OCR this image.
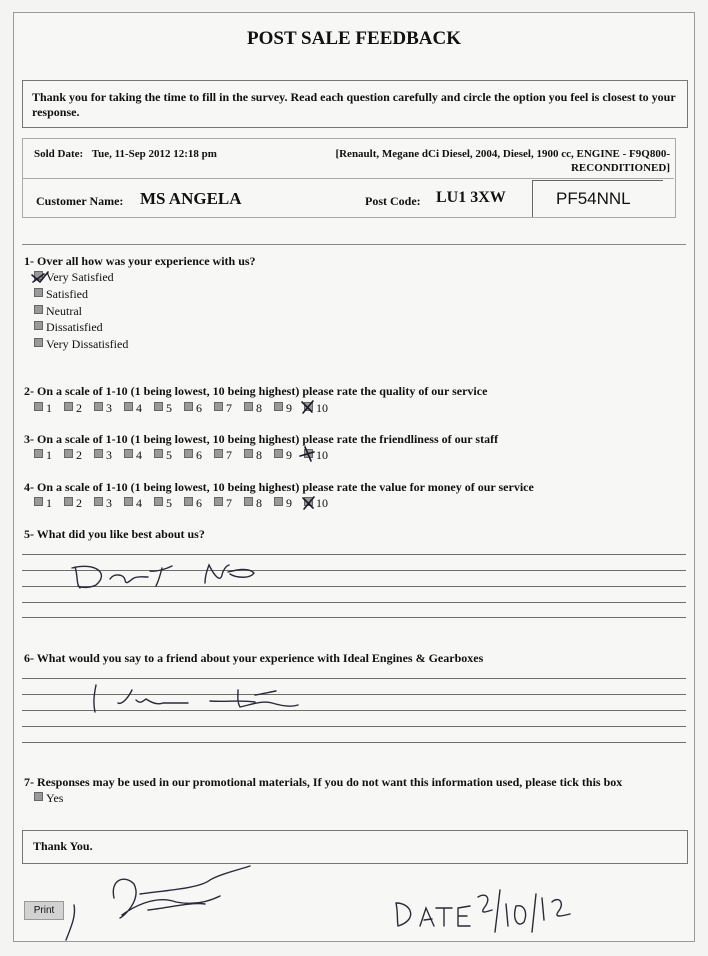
POST SALE FEEDBACK
Thank you for taking the time to fill in the survey. Read each question carefully and circle the option you feel is closest to your response.
Sold Date: Tue, 11-Sep 2012 12:18 pm	[Renault, Megane dCi Diesel, 2004, Diesel, 1900 cc, ENGINE - F9Q800-
RECONDITIONED]
Customer Name: MS ANGELA	Post Code: LU1 3XW	PF54NNL
1- Over all how was your experience with us?
Very Satisfied
Satisfied
Neutral
Dissatisfied
Very Dissatisfied
2- On a scale of 1-10 (1 being lowest, 10 being highest) please rate the quality of our service
1 2 3 4 5 6 7 8 9 10
3- On a scale of 1-10 (1 being lowest, 10 being highest) please rate the friendliness of our staff
1 2 3 4 5 6 7 8 9 10
4- On a scale of 1-10 (1 being lowest, 10 being highest) please rate the value for money of our service
1 2 3 4 5 6 7 8 9 10
5- What did you like best about us?
6- What would you say to a friend about your experience with Ideal Engines & Gearboxes
7- Responses may be used in our promotional materials, If you do not want this information used, please tick this box
Yes
Thank You.
Print
